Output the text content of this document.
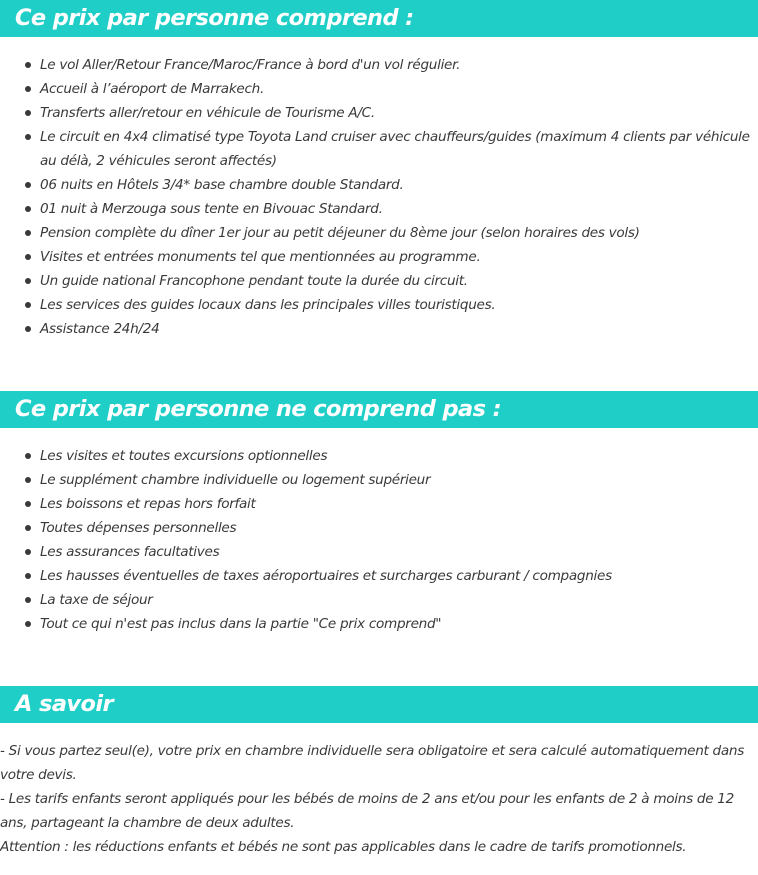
Ce prix par personne comprend :
Le vol Aller/Retour France/Maroc/France à bord d'un vol régulier.
Accueil à l’aéroport de Marrakech.
Transferts aller/retour en véhicule de Tourisme A/C.
Le circuit en 4x4 climatisé type Toyota Land cruiser avec chauffeurs/guides (maximum 4 clients par véhicule au délà, 2 véhicules seront affectés)
06 nuits en Hôtels 3/4* base chambre double Standard.
01 nuit à Merzouga sous tente en Bivouac Standard.
Pension complète du dîner 1er jour au petit déjeuner du 8ème jour (selon horaires des vols)
Visites et entrées monuments tel que mentionnées au programme.
Un guide national Francophone pendant toute la durée du circuit.
Les services des guides locaux dans les principales villes touristiques.
Assistance 24h/24
Ce prix par personne ne comprend pas :
Les visites et toutes excursions optionnelles
Le supplément chambre individuelle ou logement supérieur
Les boissons et repas hors forfait
Toutes dépenses personnelles
Les assurances facultatives
Les hausses éventuelles de taxes aéroportuaires et surcharges carburant / compagnies
La taxe de séjour
Tout ce qui n'est pas inclus dans la partie "Ce prix comprend"
A savoir

- Si vous partez seul(e), votre prix en chambre individuelle sera obligatoire et sera calculé automatiquement dans votre devis.

- Les tarifs enfants seront appliqués pour les bébés de moins de 2 ans et/ou pour les enfants de 2 à moins de 12 ans, partageant la chambre de deux adultes.

Attention : les réductions enfants et bébés ne sont pas applicables dans le cadre de tarifs promotionnels.
